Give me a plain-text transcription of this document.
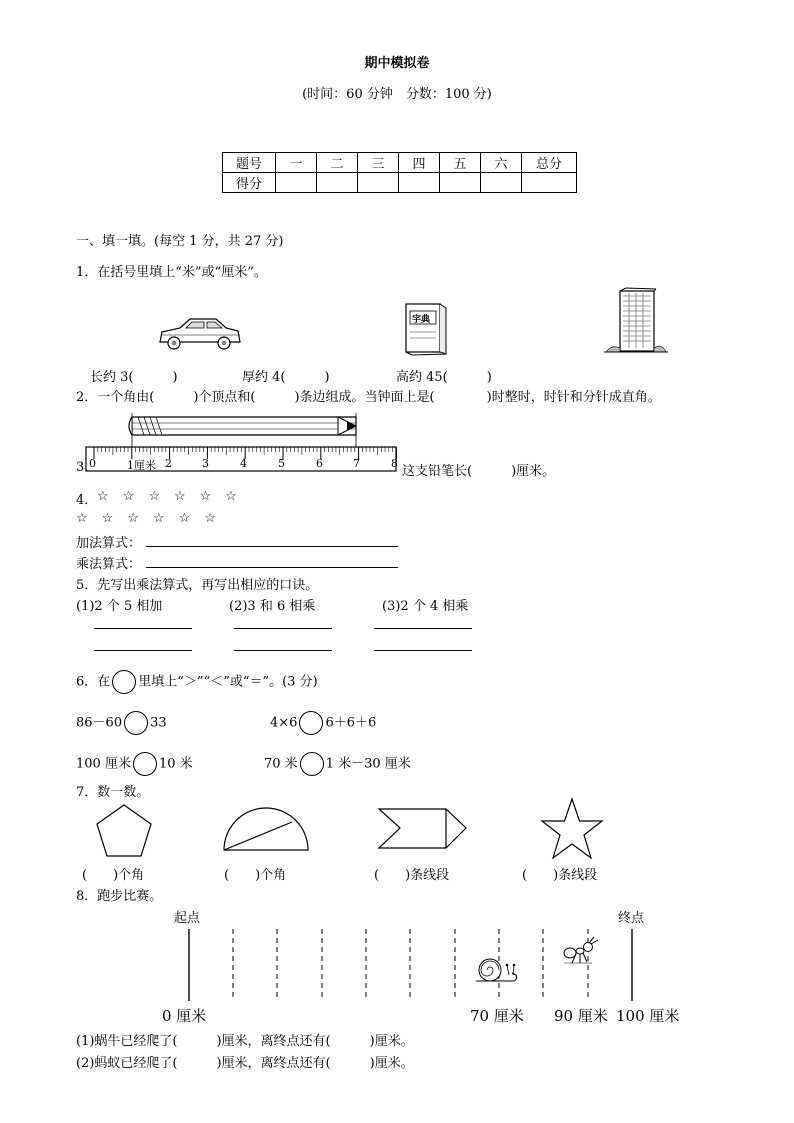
期中模拟卷
(时间：60 分钟　分数：100 分)
题号	一	二	三	四	五	六	总分
得分							
一、填一填。(每空 1 分，共 27 分)
1．在括号里填上“米”或“厘米”。
字典
长约 3(　　　)	厚约 4(　　　)	高约 45(　　　)
2．一个角由(　　　)个顶点和(　　　)条边组成。当钟面上是(　　　　)时整时，时针和分针成直角。
0	1厘米 2	3	4	5	6	7	8
3.	这支铅笔长(　　　)厘米。
4． ☆ ☆ ☆ ☆ ☆ ☆
☆ ☆ ☆ ☆ ☆ ☆
加法算式：
乘法算式：
5．先写出乘法算式，再写出相应的口诀。
(1)2 个 5 相加	(2)3 和 6 相乘	(3)2 个 4 相乘
6．在 里填上“＞”“＜”或“＝”。(3 分)
86－60 33	4×6 6＋6＋6
100 厘米 10 米	70 米 1 米－30 厘米
7．数一数。
(　　)个角	(　　)个角	(　　)条线段	(　　)条线段
8．跑步比赛。
起点	终点
0 厘米	70 厘米 90 厘米 100 厘米
(1)蜗牛已经爬了(　　　)厘米，离终点还有(　　　)厘米。
(2)蚂蚁已经爬了(　　　)厘米，离终点还有(　　　)厘米。
